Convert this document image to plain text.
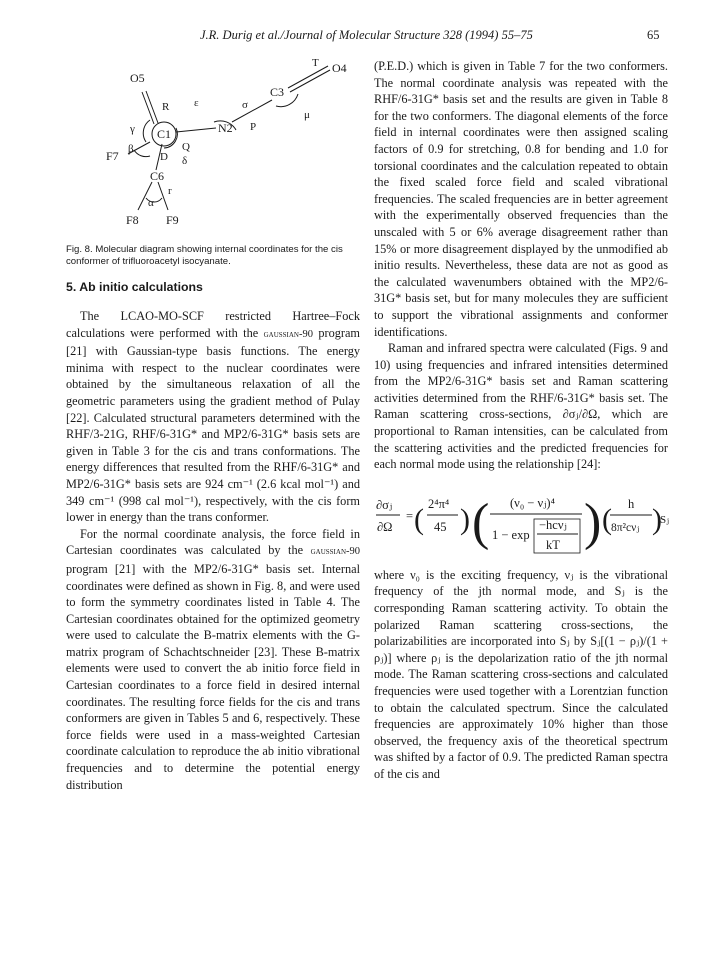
J.R. Durig et al./Journal of Molecular Structure 328 (1994) 55–75	65
O5
O4
C1
C3
N2
C6
F7
F8 F9
R ε	σ
T
γ
Q
P
μ
β
D δ
α
r

Fig. 8. Molecular diagram showing internal coordinates for the cis conformer of trifluoroacetyl isocyanate.

5. Ab initio calculations

The LCAO-MO-SCF restricted Hartree–Fock calculations were performed with the gaussian-90 program [21] with Gaussian-type basis functions. The energy minima with respect to the nuclear coordinates were obtained by the simultaneous relaxation of all the geometric parameters using the gradient method of Pulay [22]. Calculated structural parameters determined with the RHF/3-21G, RHF/6-31G* and MP2/6-31G* basis sets are given in Table 3 for the cis and trans conformations. The energy differences that resulted from the RHF/6-31G* and MP2/6-31G* basis sets are 924 cm⁻¹ (2.6 kcal mol⁻¹) and 349 cm⁻¹ (998 cal mol⁻¹), respectively, with the cis form lower in energy than the trans conformer.

For the normal coordinate analysis, the force field in Cartesian coordinates was calculated by the gaussian-90 program [21] with the MP2/6-31G* basis set. Internal coordinates were defined as shown in Fig. 8, and were used to form the symmetry coordinates listed in Table 4. The Cartesian coordinates obtained for the optimized geometry were used to calculate the B-matrix elements with the G-matrix program of Schachtschneider [23]. These B-matrix elements were used to convert the ab initio force field in Cartesian coordinates to a force field in desired internal coordinates. The resulting force fields for the cis and trans conformers are given in Tables 5 and 6, respectively. These force fields were used in a mass-weighted Cartesian coordinate calculation to reproduce the ab initio vibrational frequencies and to determine the potential energy distribution

(P.E.D.) which is given in Table 7 for the two conformers. The normal coordinate analysis was repeated with the RHF/6-31G* basis set and the results are given in Table 8 for the two conformers. The diagonal elements of the force field in internal coordinates were then assigned scaling factors of 0.9 for stretching, 0.8 for bending and 1.0 for torsional coordinates and the calculation repeated to obtain the fixed scaled force field and scaled vibrational frequencies. The scaled frequencies are in better agreement with the experimentally observed frequencies than the unscaled with 5 or 6% average disagreement rather than 15% or more disagreement displayed by the unmodified ab initio results. Nevertheless, these data are not as good as the calculated wavenumbers obtained with the MP2/6-31G* basis set, but for many molecules they are sufficient to support the vibrational assignments and conformer identifications.

Raman and infrared spectra were calculated (Figs. 9 and 10) using frequencies and infrared intensities determined from the MP2/6-31G* basis set and Raman scattering activities determined from the RHF/6-31G* basis set. The Raman scattering cross-sections, ∂σⱼ/∂Ω, which are proportional to Raman intensities, can be calculated from the scattering activities and the predicted frequencies for each normal mode using the relationship [24]:

∂σⱼ
∂Ω
= ( 2⁴π⁴
45 ) ( (ν₀ − νⱼ)⁴
1 − exp
−hcνⱼ
kT ) ( h
8π²cνⱼ )
Sⱼ

where ν₀ is the exciting frequency, νⱼ is the vibrational frequency of the jth normal mode, and Sⱼ is the corresponding Raman scattering activity. To obtain the polarized Raman scattering cross-sections, the polarizabilities are incorporated into Sⱼ by Sⱼ[(1 − ρⱼ)/(1 + ρⱼ)] where ρⱼ is the depolarization ratio of the jth normal mode. The Raman scattering cross-sections and calculated frequencies were used together with a Lorentzian function to obtain the calculated spectrum. Since the calculated frequencies are approximately 10% higher than those observed, the frequency axis of the theoretical spectrum was shifted by a factor of 0.9. The predicted Raman spectra of the cis and
